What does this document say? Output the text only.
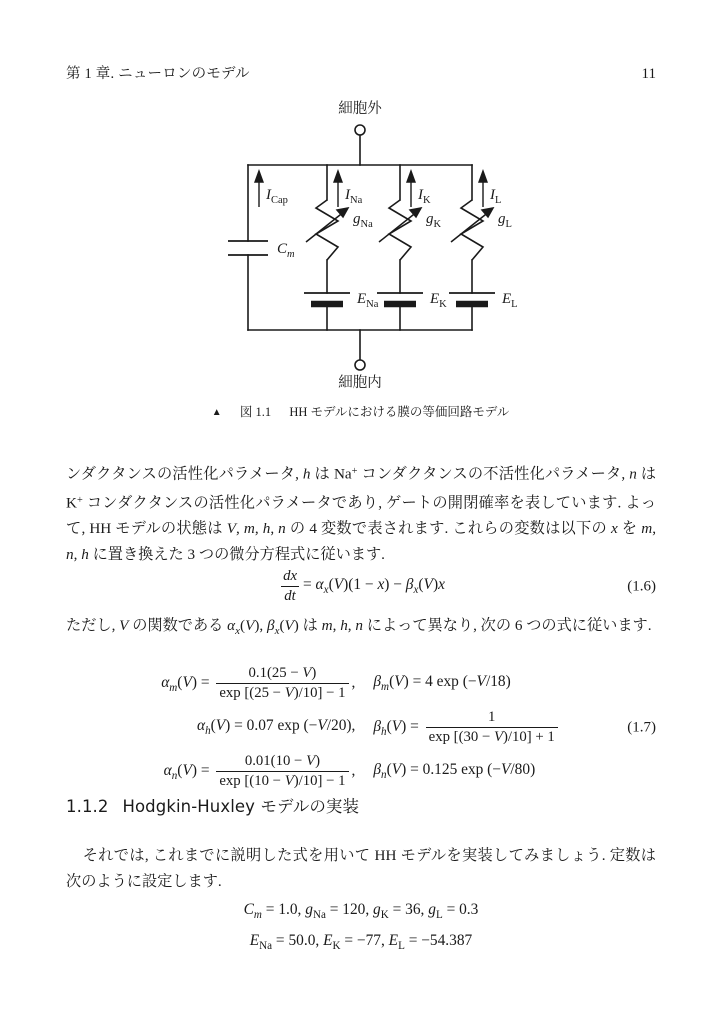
第 1 章. ニューロンのモデル	11
細胞外
細胞内
$I_{Cap}$	$I_{Na}$	$I_K$	$I_L$
$C_m$
$g_{Na}$	$g_K$	$g_L$
$E_{Na}$	$E_K$	$E_L$
▲ 図 1.1 HH モデルにおける膜の等価回路モデル
ンダクタンスの活性化パラメータ, h は Na+ コンダクタンスの不活性化パラメータ, n は K+ コンダクタンスの活性化パラメータであり, ゲートの開閉確率を表しています. よって, HH モデルの状態は V, m, h, n の 4 変数で表されます. これらの変数は以下の x を m, n, h に置き換えた 3 つの微分方程式に従います.
$\frac{dx}{dt} = \alpha_x(V)(1 - x) - \beta_x(V)x$	(1.6)
ただし, V の関数である $\alpha_x(V)$, $\beta_x(V)$ は m, h, n によって異なり, 次の 6 つの式に従います.
$\alpha_m(V) = \frac{0.1(25 - V)}{\exp [(25 - V)/10] - 1}$ , $\beta_m(V) = 4$ exp (−V/18)
$\alpha_h(V) = 0.07$ exp (−V/20), $\beta_h(V) = \frac{1}{\exp [(30 - V)/10] + 1}$
$\alpha_n(V) = \frac{0.01(10 - V)}{\exp [(10 - V)/10] - 1}$ , $\beta_n(V) = 0.125$ exp (−V/80)
(1.7)
1.1.2 Hodgkin-Huxley モデルの実装
それでは, これまでに説明した式を用いて HH モデルを実装してみましょう. 定数は次のように設定します.
$C_m = 1.0$, $g_{Na} = 120$, $g_K = 36$, $g_L = 0.3$
$E_{Na} = 50.0$, $E_K = -77$, $E_L = -54.387$
